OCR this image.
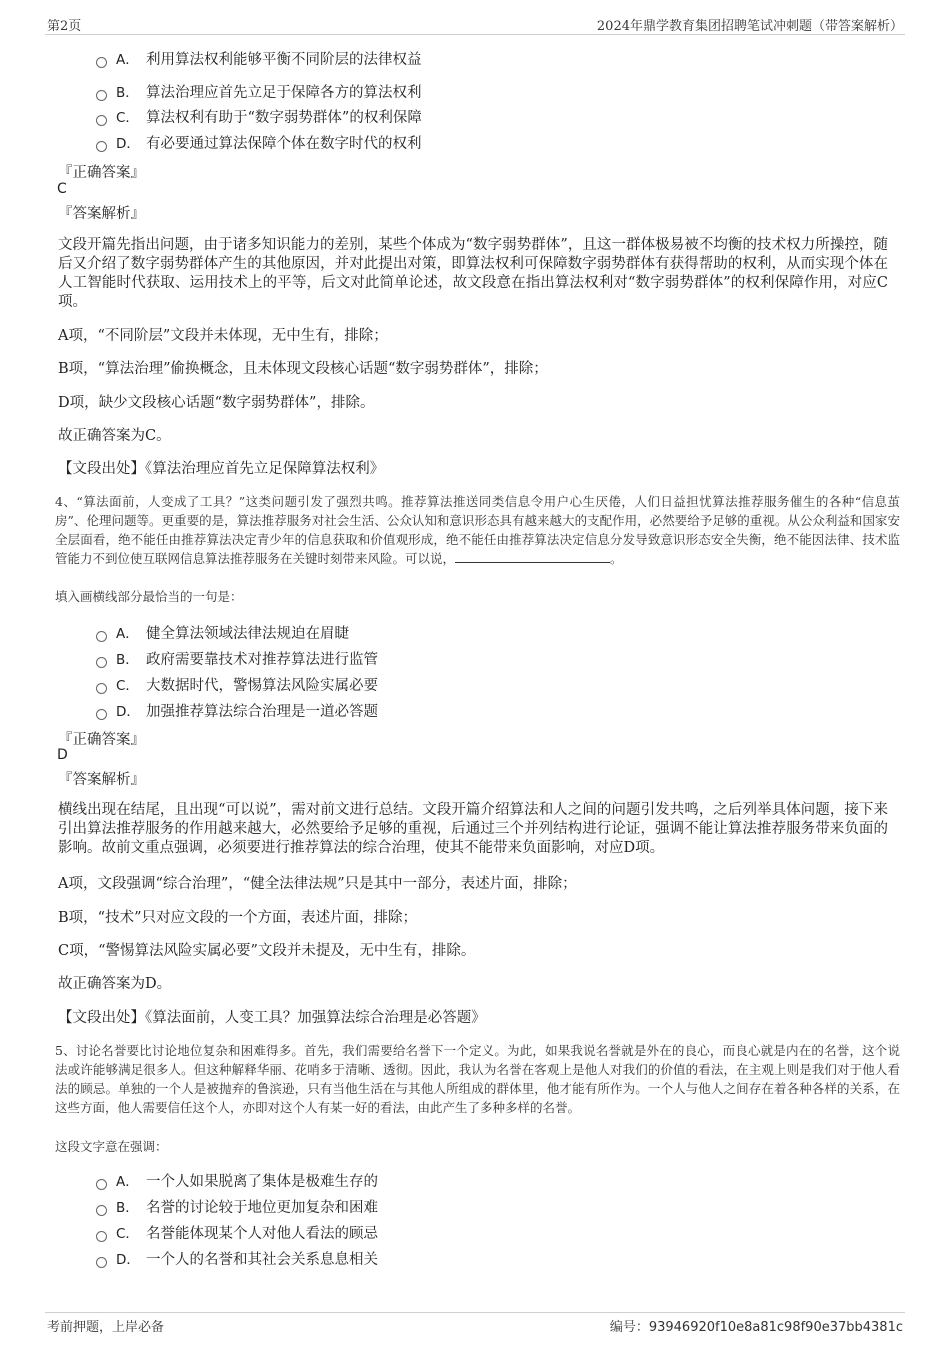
第2页	2024年鼎学教育集团招聘笔试冲刺题（带答案解析）
A． 利用算法权利能够平衡不同阶层的法律权益
B． 算法治理应首先立足于保障各方的算法权利
C． 算法权利有助于“数字弱势群体”的权利保障
D． 有必要通过算法保障个体在数字时代的权利
『正确答案』
C
『答案解析』
文段开篇先指出问题，由于诸多知识能力的差别，某些个体成为“数字弱势群体”，且这一群体极易被不均衡的技术权力所操控，随后又介绍了数字弱势群体产生的其他原因，并对此提出对策，即算法权利可保障数字弱势群体有获得帮助的权利，从而实现个体在人工智能时代获取、运用技术上的平等，后文对此简单论述，故文段意在指出算法权利对“数字弱势群体”的权利保障作用，对应C项。
A项，“不同阶层”文段并未体现，无中生有，排除；
B项，“算法治理”偷换概念，且未体现文段核心话题“数字弱势群体”，排除；
D项，缺少文段核心话题“数字弱势群体”，排除。
故正确答案为C。
【文段出处】《算法治理应首先立足保障算法权利》
4、“算法面前，人变成了工具？”这类问题引发了强烈共鸣。推荐算法推送同类信息令用户心生厌倦，人们日益担忧算法推荐服务催生的各种“信息茧房”、伦理问题等。更重要的是，算法推荐服务对社会生活、公众认知和意识形态具有越来越大的支配作用，必然要给予足够的重视。从公众利益和国家安全层面看，绝不能任由推荐算法决定青少年的信息获取和价值观形成，绝不能任由推荐算法决定信息分发导致意识形态安全失衡，绝不能因法律、技术监管能力不到位使互联网信息算法推荐服务在关键时刻带来风险。可以说，	。
填入画横线部分最恰当的一句是：
A． 健全算法领域法律法规迫在眉睫
B． 政府需要靠技术对推荐算法进行监管
C． 大数据时代，警惕算法风险实属必要
D． 加强推荐算法综合治理是一道必答题
『正确答案』
D
『答案解析』
横线出现在结尾，且出现“可以说”，需对前文进行总结。文段开篇介绍算法和人之间的问题引发共鸣，之后列举具体问题，接下来引出算法推荐服务的作用越来越大，必然要给予足够的重视，后通过三个并列结构进行论证，强调不能让算法推荐服务带来负面的影响。故前文重点强调，必须要进行推荐算法的综合治理，使其不能带来负面影响，对应D项。
A项，文段强调“综合治理”，“健全法律法规”只是其中一部分，表述片面，排除；
B项，“技术”只对应文段的一个方面，表述片面，排除；
C项，“警惕算法风险实属必要”文段并未提及，无中生有，排除。
故正确答案为D。
【文段出处】《算法面前，人变工具？加强算法综合治理是必答题》
5、讨论名誉要比讨论地位复杂和困难得多。首先，我们需要给名誉下一个定义。为此，如果我说名誉就是外在的良心，而良心就是内在的名誉，这个说法或许能够满足很多人。但这种解释华丽、花哨多于清晰、透彻。因此，我认为名誉在客观上是他人对我们的价值的看法，在主观上则是我们对于他人看法的顾忌。单独的一个人是被抛弃的鲁滨逊，只有当他生活在与其他人所组成的群体里，他才能有所作为。一个人与他人之间存在着各种各样的关系，在这些方面，他人需要信任这个人，亦即对这个人有某一好的看法，由此产生了多种多样的名誉。
这段文字意在强调：
A． 一个人如果脱离了集体是极难生存的
B． 名誉的讨论较于地位更加复杂和困难
C． 名誉能体现某个人对他人看法的顾忌
D． 一个人的名誉和其社会关系息息相关
考前押题，上岸必备	编号：93946920f10e8a81c98f90e37bb4381c
